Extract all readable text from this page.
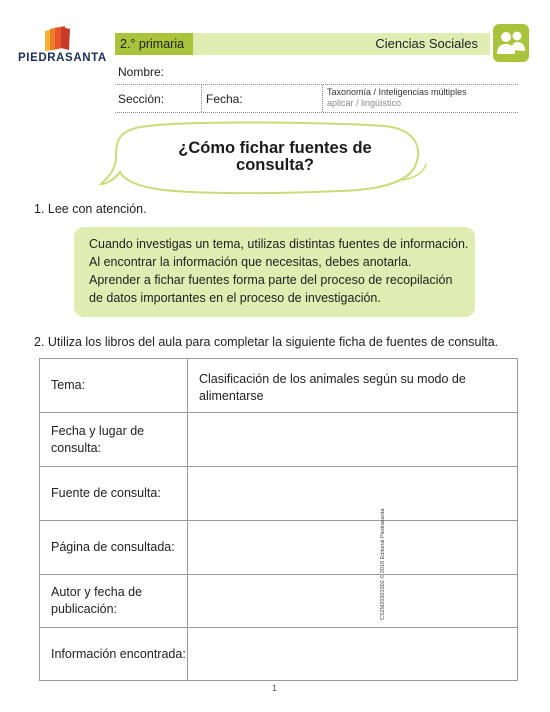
PIEDRASANTA
2.° primaria	Ciencias Sociales
Nombre:
Sección:	Fecha:	Taxonomía / Inteligencias múltiples
aplicar / lingüístico
¿Cómo fichar fuentes de consulta?
1. Lee con atención.
Cuando investigas un tema, utilizas distintas fuentes de información.
Al encontrar la información que necesitas, debes anotarla.
Aprender a fichar fuentes forma parte del proceso de recopilación
de datos importantes en el proceso de investigación.
2. Utiliza los libros del aula para completar la siguiente ficha de fuentes de consulta.
Tema:	Clasificación de los animales según su modo de alimentarse
Fecha y lugar de consulta:	
Fuente de consulta:	
Página de consultada:	
Autor y fecha de publicación:	
Información encontrada:	
1
CS2M20301002 © 2018 Editorial Piedrasanta
